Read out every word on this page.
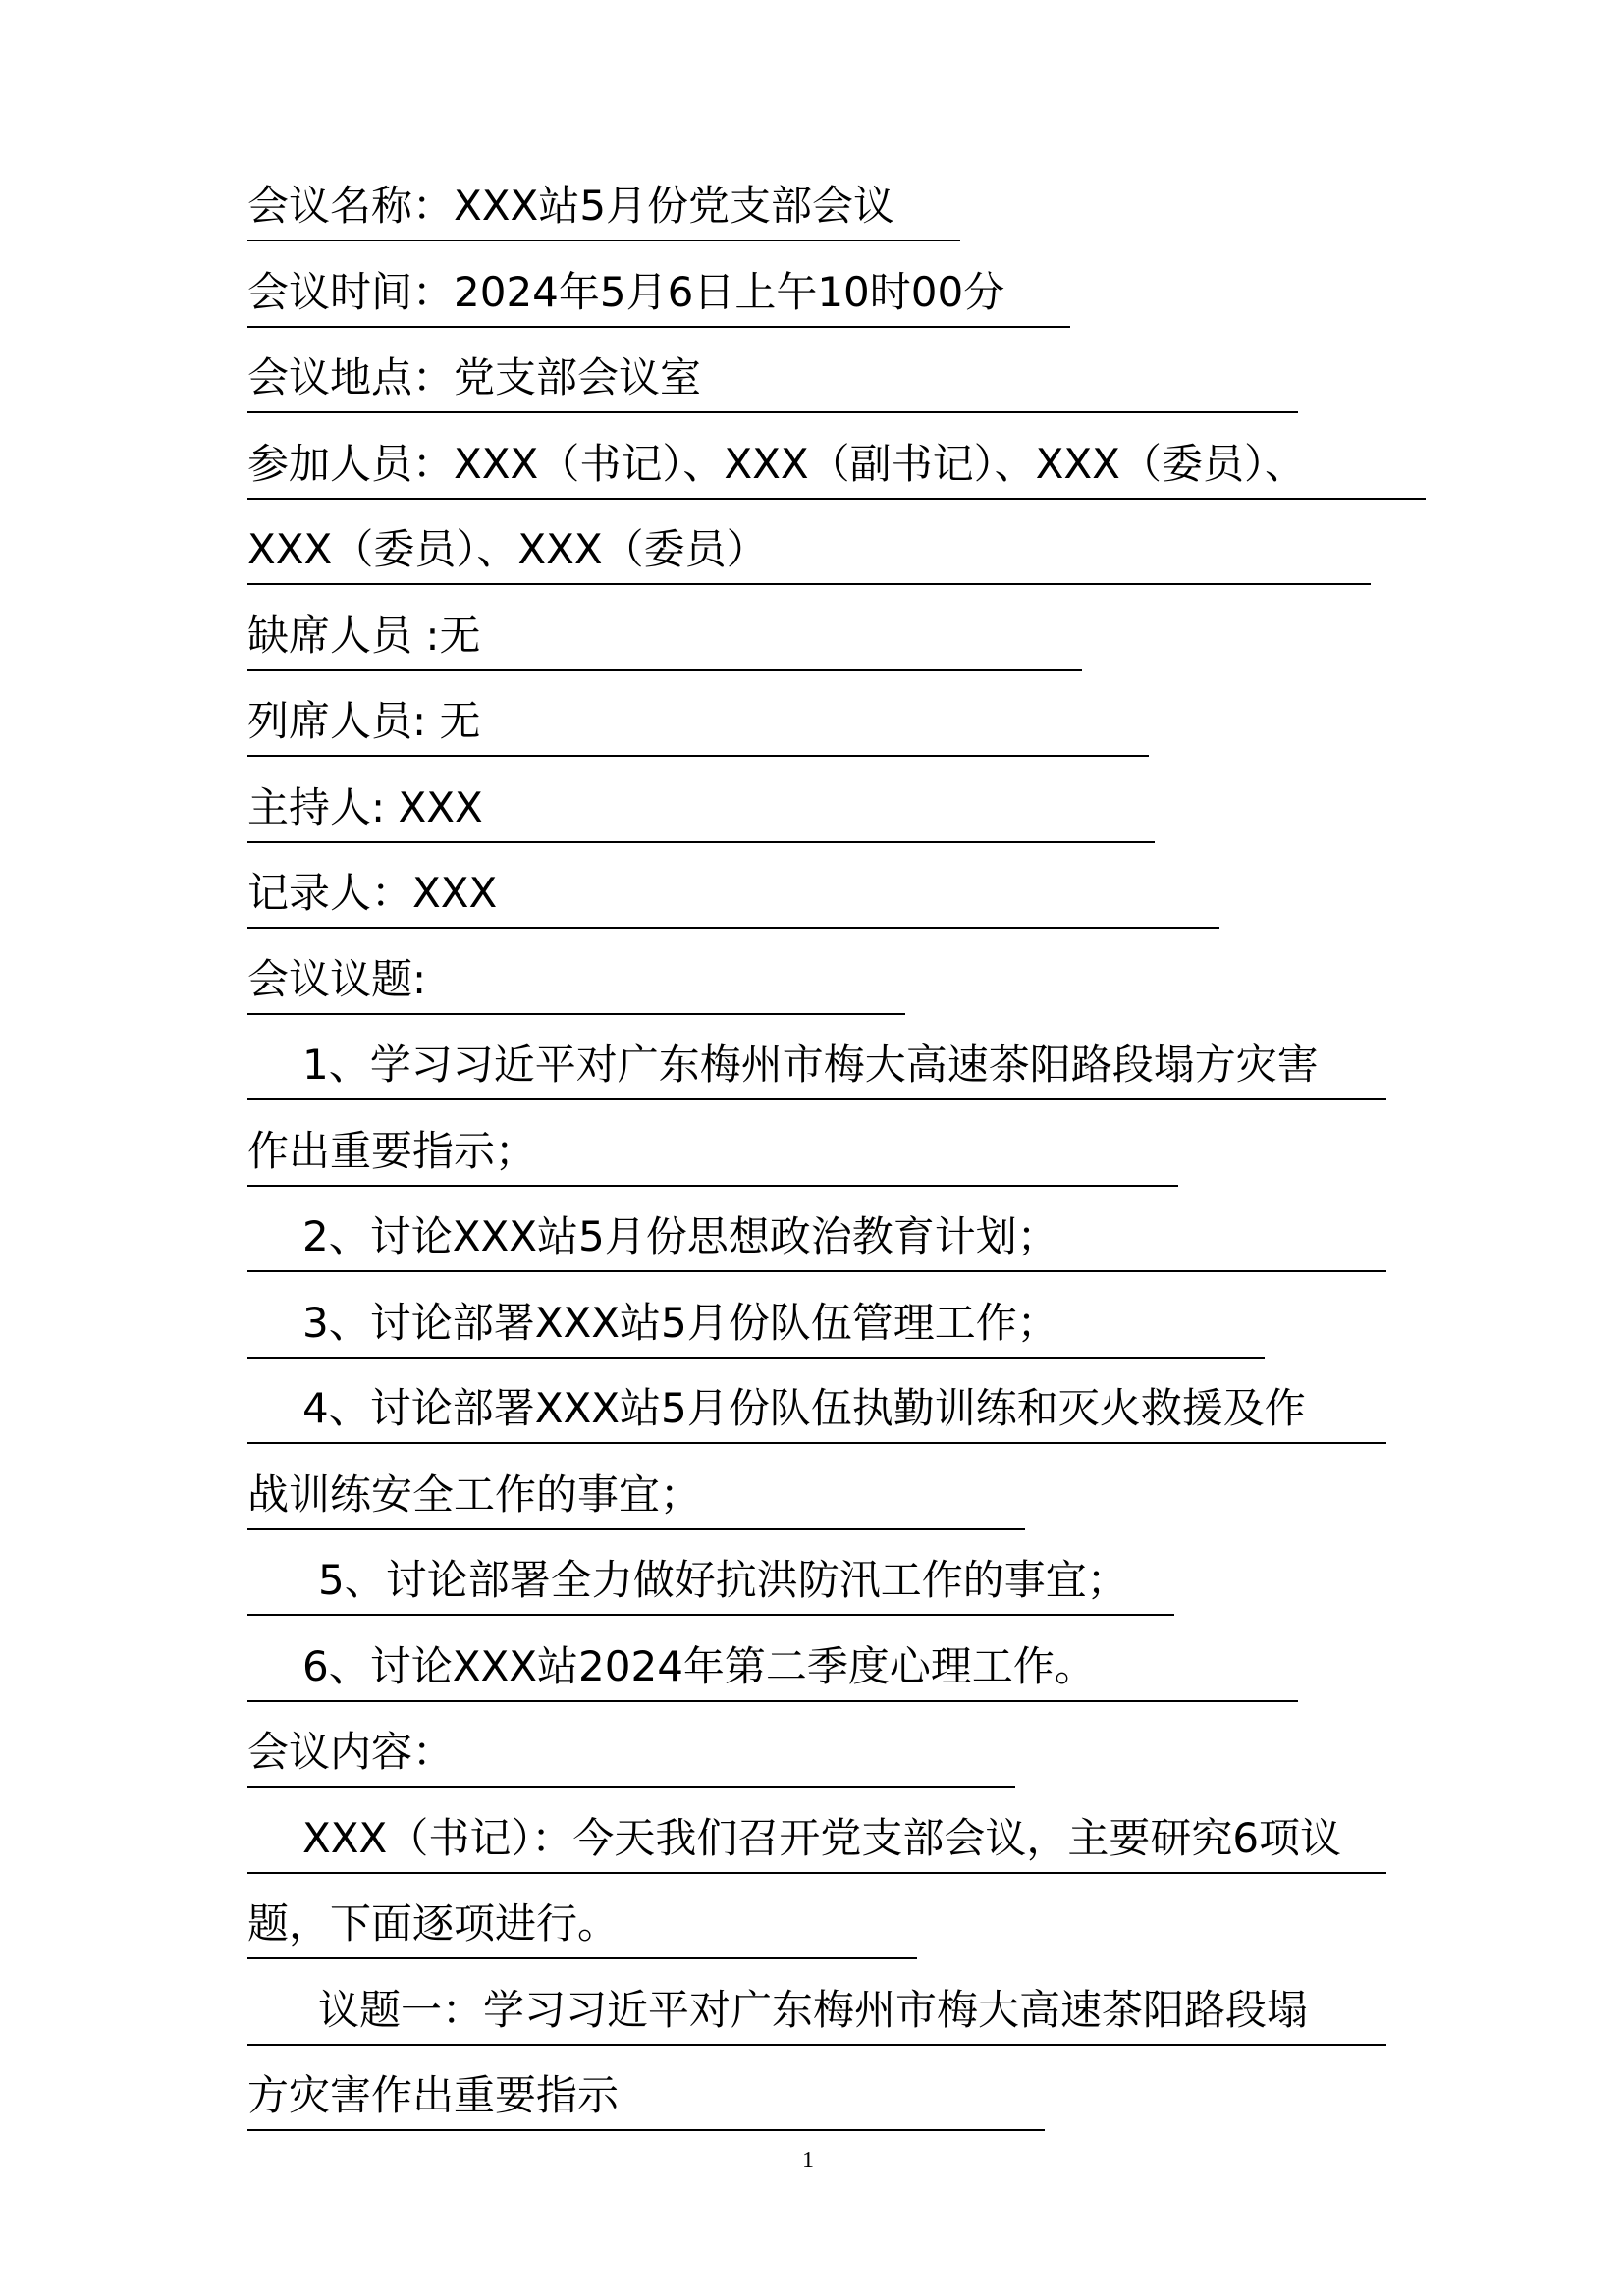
会议名称：XXX站5月份党支部会议
会议时间：2024年5月6日上午10时00分
会议地点：党支部会议室
参加人员：XXX（书记）、XXX（副书记）、XXX（委员）、
XXX（委员）、XXX（委员）
缺席人员 :无
列席人员: 无
主持人: XXX
记录人：XXX
会议议题:
1、学习习近平对广东梅州市梅大高速茶阳路段塌方灾害
作出重要指示；
2、讨论XXX站5月份思想政治教育计划；
3、讨论部署XXX站5月份队伍管理工作；
4、讨论部署XXX站5月份队伍执勤训练和灭火救援及作
战训练安全工作的事宜；
5、讨论部署全力做好抗洪防汛工作的事宜；
6、讨论XXX站2024年第二季度心理工作。
会议内容：
XXX（书记）：今天我们召开党支部会议，主要研究6项议
题，下面逐项进行。
议题一：学习习近平对广东梅州市梅大高速茶阳路段塌
方灾害作出重要指示
1
